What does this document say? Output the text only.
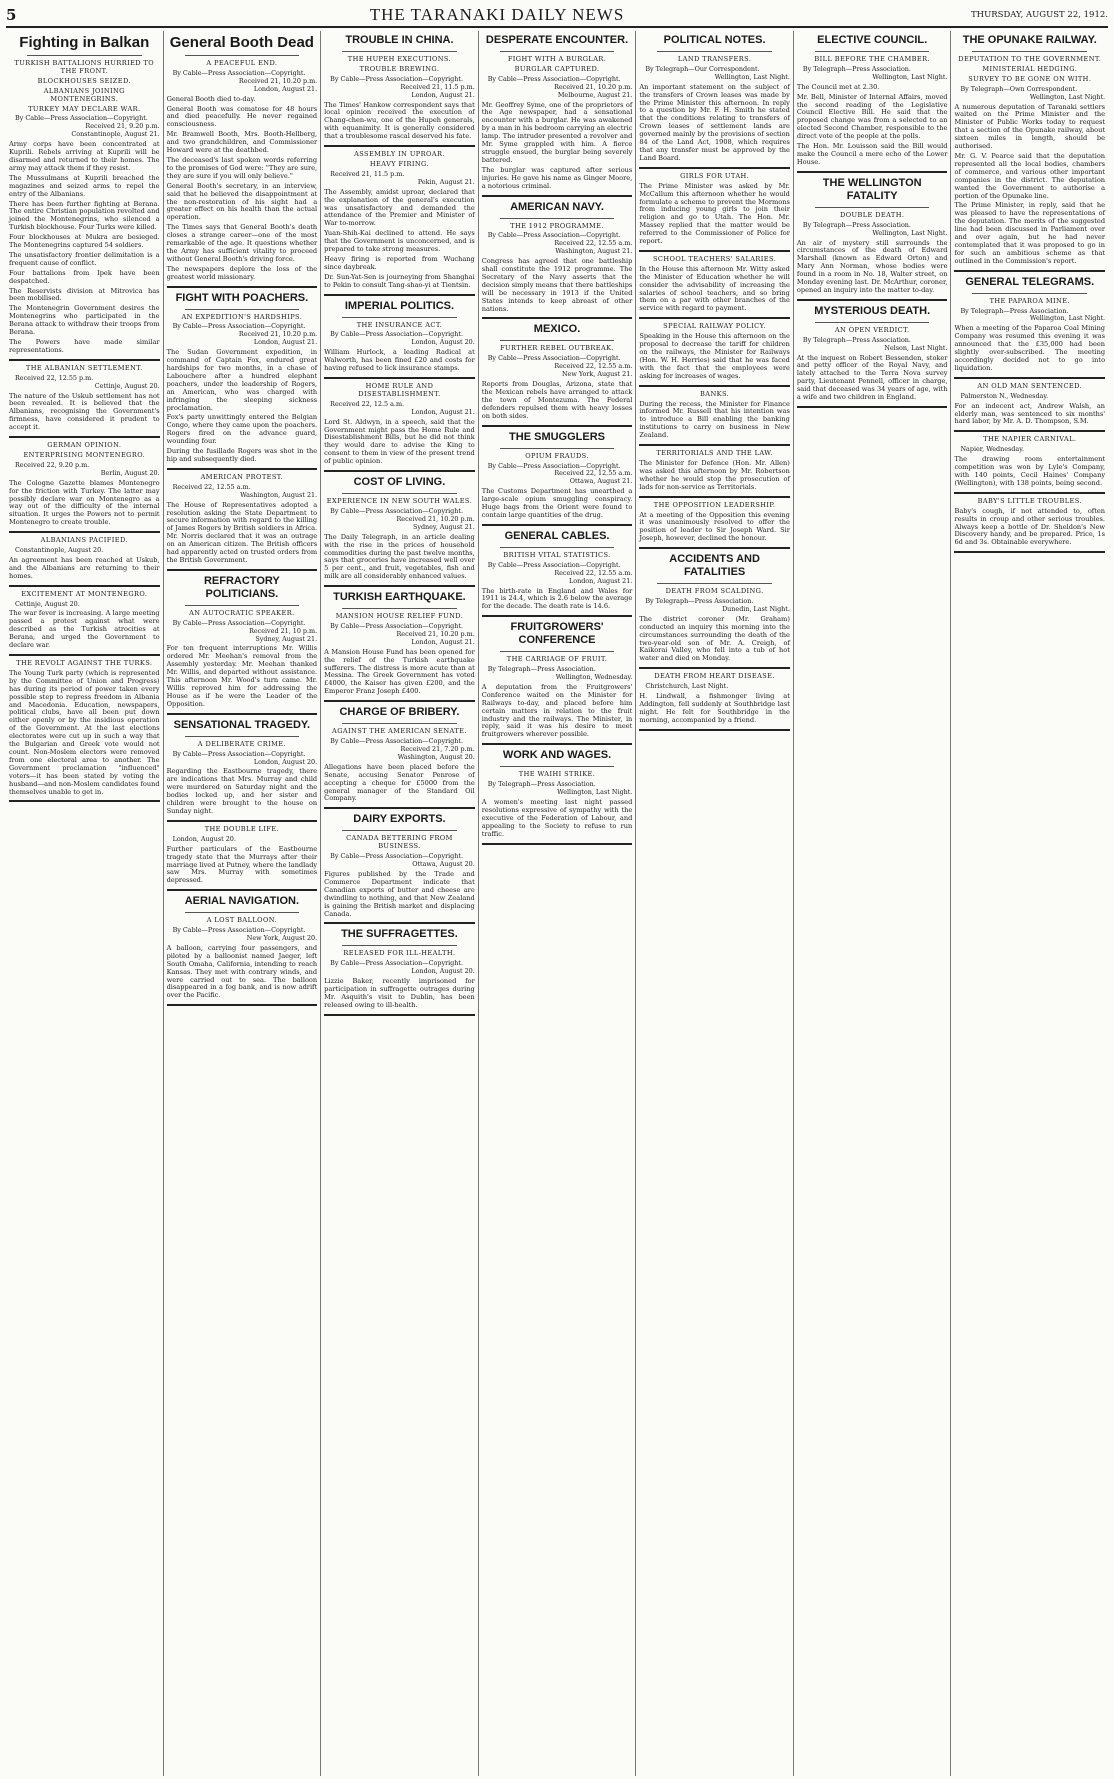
5	THE TARANAKI DAILY NEWS	THURSDAY, AUGUST 22, 1912.
Fighting in Balkan
TURKISH BATTALIONS HURRIED TO THE FRONT.
BLOCKHOUSES SEIZED.
ALBANIANS JOINING MONTENEGRINS.
TURKEY MAY DECLARE WAR.
By Cable—Press Association—Copyright.
Received 21, 9.20 p.m.
Constantinople, August 21.

Army corps have been concentrated at Kuprili. Rebels arriving at Kuprili will be disarmed and returned to their homes. The army may attack them if they resist.

The Mussulmans at Kuprili breached the magazines and seized arms to repel the entry of the Albanians.

There has been further fighting at Berana. The entire Christian population revolted and joined the Montenegrins, who silenced a Turkish blockhouse. Four Turks were killed.

Four blockhouses at Mukra are besieged. The Montenegrins captured 54 soldiers.

The unsatisfactory frontier delimitation is a frequent cause of conflict.

Four battalions from Ipek have been despatched.

The Reservists division at Mitrovica has been mobilised.

The Montenegrin Government desires the Montenegrins who participated in the Berana attack to withdraw their troops from Berana.

The Powers have made similar representations.

THE ALBANIAN SETTLEMENT.
Received 22, 12.55 p.m.
Cettinje, August 20.

The nature of the Uskub settlement has not been revealed. It is believed that the Albanians, recognising the Government's firmness, have considered it prudent to accept it.

GERMAN OPINION.
ENTERPRISING MONTENEGRO.
Received 22, 9.20 p.m.
Berlin, August 20.

The Cologne Gazette blames Montenegro for the friction with Turkey. The latter may possibly declare war on Montenegro as a way out of the difficulty of the internal situation. It urges the Powers not to permit Montenegro to create trouble.

ALBANIANS PACIFIED.
Constantinople, August 20.

An agreement has been reached at Uskub, and the Albanians are returning to their homes.

EXCITEMENT AT MONTENEGRO.
Cettinje, August 20.

The war fever is increasing. A large meeting passed a protest against what were described as the Turkish atrocities at Berana, and urged the Government to declare war.

THE REVOLT AGAINST THE TURKS.

The Young Turk party (which is represented by the Committee of Union and Progress) has during its period of power taken every possible step to repress freedom in Albania and Macedonia. Education, newspapers, political clubs, have all been put down either openly or by the insidious operation of the Government. At the last elections electorates were cut up in such a way that the Bulgarian and Greek vote would not count. Non-Moslem electors were removed from one electoral area to another. The Government proclamation "influenced" voters—it has been stated by voting the husband—and non-Moslem candidates found themselves unable to get in.

General Booth Dead
A PEACEFUL END.
By Cable—Press Association—Copyright.
Received 21, 10.20 p.m.
London, August 21.

General Booth died to-day.

General Booth was comatose for 48 hours and died peacefully. He never regained consciousness.

Mr. Bramwell Booth, Mrs. Booth-Hellberg, and two grandchildren, and Commissioner Howard were at the deathbed.

The deceased's last spoken words referring to the promises of God were: "They are sure, they are sure if you will only believe."

General Booth's secretary, in an interview, said that he believed the disappointment at the non-restoration of his sight had a greater effect on his health than the actual operation.

The Times says that General Booth's death closes a strange career—one of the most remarkable of the age. It questions whether the Army has sufficient vitality to proceed without General Booth's driving force.

The newspapers deplore the loss of the greatest world missionary.

FIGHT WITH POACHERS.
AN EXPEDITION'S HARDSHIPS.
By Cable—Press Association—Copyright.
Received 21, 10.20 p.m.
London, August 21.

The Sudan Government expedition, in command of Captain Fox, endured great hardships for two months, in a chase of Labouchere after a hundred elephant poachers, under the leadership of Rogers, an American, who was charged with infringing the sleeping sickness proclamation.

Fox's party unwittingly entered the Belgian Congo, where they came upon the poachers. Rogers fired on the advance guard, wounding four.

During the fusillade Rogers was shot in the hip and subsequently died.

AMERICAN PROTEST.
Received 22, 12.55 a.m.
Washington, August 21.

The House of Representatives adopted a resolution asking the State Department to secure information with regard to the killing of James Rogers by British soldiers in Africa. Mr. Norris declared that it was an outrage on an American citizen. The British officers had apparently acted on trusted orders from the British Government.

REFRACTORY POLITICIANS.
AN AUTOCRATIC SPEAKER.
By Cable—Press Association—Copyright.
Received 21, 10 p.m.
Sydney, August 21.

For ten frequent interruptions Mr. Willis ordered Mr. Meehan's removal from the Assembly yesterday. Mr. Meehan thanked Mr. Willis, and departed without assistance. This afternoon Mr. Wood's turn came. Mr. Willis reproved him for addressing the House as if he were the Leader of the Opposition.

SENSATIONAL TRAGEDY.
A DELIBERATE CRIME.
By Cable—Press Association—Copyright.
London, August 20.

Regarding the Eastbourne tragedy, there are indications that Mrs. Murray and child were murdered on Saturday night and the bodies locked up, and her sister and children were brought to the house on Sunday night.

THE DOUBLE LIFE.
London, August 20.

Further particulars of the Eastbourne tragedy state that the Murrays after their marriage lived at Putney, where the landlady saw Mrs. Murray with sometimes depressed.

AERIAL NAVIGATION.
A LOST BALLOON.
By Cable—Press Association—Copyright.
New York, August 20.

A balloon, carrying four passengers, and piloted by a balloonist named Jaeger, left South Omaha, California, intending to reach Kansas. They met with contrary winds, and were carried out to sea. The balloon disappeared in a fog bank, and is now adrift over the Pacific.

TROUBLE IN CHINA.
THE HUPEH EXECUTIONS.
TROUBLE BREWING.
By Cable—Press Association—Copyright.
Received 21, 11.5 p.m.
London, August 21.

The Times' Hankow correspondent says that local opinion received the execution of Chang-chen-wu, one of the Hupeh generals, with equanimity. It is generally considered that a troublesome rascal deserved his fate.

ASSEMBLY IN UPROAR.
HEAVY FIRING.
Received 21, 11.5 p.m.
Pekin, August 21.

The Assembly, amidst uproar, declared that the explanation of the general's execution was unsatisfactory and demanded the attendance of the Premier and Minister of War to-morrow.

Yuan-Shih-Kai declined to attend. He says that the Government is unconcerned, and is prepared to take strong measures.

Heavy firing is reported from Wuchang since daybreak.

Dr. Sun-Yat-Sen is journeying from Shanghai to Pekin to consult Tang-shao-yi at Tientsin.

IMPERIAL POLITICS.
THE INSURANCE ACT.
By Cable—Press Association—Copyright.
London, August 20.

William Hurlock, a leading Radical at Walworth, has been fined £20 and costs for having refused to lick insurance stamps.

HOME RULE AND DISESTABLISHMENT.
Received 22, 12.5 a.m.
London, August 21.

Lord St. Aldwyn, in a speech, said that the Government might pass the Home Rule and Disestablishment Bills, but he did not think they would dare to advise the King to consent to them in view of the present trend of public opinion.

COST OF LIVING.
EXPERIENCE IN NEW SOUTH WALES.
By Cable—Press Association—Copyright.
Received 21, 10.20 p.m.
Sydney, August 21.

The Daily Telegraph, in an article dealing with the rise in the prices of household commodities during the past twelve months, says that groceries have increased well over 5 per cent., and fruit, vegetables, fish and milk are all considerably enhanced values.

TURKISH EARTHQUAKE.
MANSION HOUSE RELIEF FUND.
By Cable—Press Association—Copyright.
Received 21, 10.20 p.m.
London, August 21.

A Mansion House Fund has been opened for the relief of the Turkish earthquake sufferers. The distress is more acute than at Messina. The Greek Government has voted £4000, the Kaiser has given £200, and the Emperor Franz Joseph £400.

CHARGE OF BRIBERY.
AGAINST THE AMERICAN SENATE.
By Cable—Press Association—Copyright.
Received 21, 7.20 p.m.
Washington, August 20.

Allegations have been placed before the Senate, accusing Senator Penrose of accepting a cheque for £5000 from the general manager of the Standard Oil Company.

DAIRY EXPORTS.
CANADA BETTERING FROM BUSINESS.
By Cable—Press Association—Copyright.
Ottawa, August 20.

Figures published by the Trade and Commerce Department indicate that Canadian exports of butter and cheese are dwindling to nothing, and that New Zealand is gaining the British market and displacing Canada.

THE SUFFRAGETTES.
RELEASED FOR ILL-HEALTH.
By Cable—Press Association—Copyright.
London, August 20.

Lizzie Baker, recently imprisoned for participation in suffragette outrages during Mr. Asquith's visit to Dublin, has been released owing to ill-health.

DESPERATE ENCOUNTER.
FIGHT WITH A BURGLAR.
BURGLAR CAPTURED.
By Cable—Press Association—Copyright.
Received 21, 10.20 p.m.
Melbourne, August 21.

Mr. Geoffrey Syme, one of the proprietors of the Age newspaper, had a sensational encounter with a burglar. He was awakened by a man in his bedroom carrying an electric lamp. The intruder presented a revolver and Mr. Syme grappled with him. A fierce struggle ensued, the burglar being severely battered.

The burglar was captured after serious injuries. He gave his name as Ginger Moore, a notorious criminal.

AMERICAN NAVY.
THE 1912 PROGRAMME.
By Cable—Press Association—Copyright.
Received 22, 12.55 a.m.
Washington, August 21.

Congress has agreed that one battleship shall constitute the 1912 programme. The Secretary of the Navy asserts that the decision simply means that there battleships will be necessary in 1913 if the United States intends to keep abreast of other nations.

MEXICO.
FURTHER REBEL OUTBREAK.
By Cable—Press Association—Copyright.
Received 22, 12.55 a.m.
New York, August 21.

Reports from Douglas, Arizona, state that the Mexican rebels have arranged to attack the town of Montezuma. The Federal defenders repulsed them with heavy losses on both sides.

THE SMUGGLERS
OPIUM FRAUDS.
By Cable—Press Association—Copyright.
Received 22, 12.55 a.m.
Ottawa, August 21.

The Customs Department has unearthed a large-scale opium smuggling conspiracy. Huge bags from the Orient were found to contain large quantities of the drug.

GENERAL CABLES.
BRITISH VITAL STATISTICS.
By Cable—Press Association—Copyright.
Received 22, 12.55 a.m.
London, August 21.

The birth-rate in England and Wales for 1911 is 24.4, which is 2.6 below the average for the decade. The death rate is 14.6.

FRUITGROWERS' CONFERENCE
THE CARRIAGE OF FRUIT.
By Telegraph—Press Association.
Wellington, Wednesday.

A deputation from the Fruitgrowers' Conference waited on the Minister for Railways to-day, and placed before him certain matters in relation to the fruit industry and the railways. The Minister, in reply, said it was his desire to meet fruitgrowers wherever possible.

WORK AND WAGES.
THE WAIHI STRIKE.
By Telegraph—Press Association.
Wellington, Last Night.

A women's meeting last night passed resolutions expressive of sympathy with the executive of the Federation of Labour, and appealing to the Society to refuse to run traffic.

POLITICAL NOTES.
LAND TRANSFERS.
By Telegraph—Our Correspondent.
Wellington, Last Night.

An important statement on the subject of the transfers of Crown leases was made by the Prime Minister this afternoon. In reply to a question by Mr. F. H. Smith he stated that the conditions relating to transfers of Crown leases of settlement lands are governed mainly by the provisions of section 84 of the Land Act, 1908, which requires that any transfer must be approved by the Land Board.

GIRLS FOR UTAH.

The Prime Minister was asked by Mr. McCallum this afternoon whether he would formulate a scheme to prevent the Mormons from inducing young girls to join their religion and go to Utah. The Hon. Mr. Massey replied that the matter would be referred to the Commissioner of Police for report.

SCHOOL TEACHERS' SALARIES.

In the House this afternoon Mr. Witty asked the Minister of Education whether he will consider the advisability of increasing the salaries of school teachers, and so bring them on a par with other branches of the service with regard to payment.

SPECIAL RAILWAY POLICY.

Speaking in the House this afternoon on the proposal to decrease the tariff for children on the railways, the Minister for Railways (Hon. W. H. Herries) said that he was faced with the fact that the employees were asking for increases of wages.

BANKS.

During the recess, the Minister for Finance informed Mr. Russell that his intention was to introduce a Bill enabling the banking institutions to carry on business in New Zealand.

TERRITORIALS AND THE LAW.

The Minister for Defence (Hon. Mr. Allen) was asked this afternoon by Mr. Robertson whether he would stop the prosecution of lads for non-service as Territorials.

THE OPPOSITION LEADERSHIP.

At a meeting of the Opposition this evening it was unanimously resolved to offer the position of leader to Sir Joseph Ward. Sir Joseph, however, declined the honour.

ACCIDENTS AND FATALITIES
DEATH FROM SCALDING.
By Telegraph—Press Association.
Dunedin, Last Night.

The district coroner (Mr. Graham) conducted an inquiry this morning into the circumstances surrounding the death of the two-year-old son of Mr. A. Creigh, of Kaikorai Valley, who fell into a tub of hot water and died on Monday.

DEATH FROM HEART DISEASE.
Christchurch, Last Night.

H. Lindwall, a fishmonger living at Addington, fell suddenly at Southbridge last night. He felt for Southbridge in the morning, accompanied by a friend.

ELECTIVE COUNCIL.
BILL BEFORE THE CHAMBER.
By Telegraph—Press Association.
Wellington, Last Night.

The Council met at 2.30.

Mr. Bell, Minister of Internal Affairs, moved the second reading of the Legislative Council Elective Bill. He said that the proposed change was from a selected to an elected Second Chamber, responsible to the direct vote of the people at the polls.

The Hon. Mr. Louisson said the Bill would make the Council a mere echo of the Lower House.

THE WELLINGTON FATALITY
DOUBLE DEATH.
By Telegraph—Press Association.
Wellington, Last Night.

An air of mystery still surrounds the circumstances of the death of Edward Marshall (known as Edward Orton) and Mary Ann Norman, whose bodies were found in a room in No. 18, Walter street, on Monday evening last. Dr. McArthur, coroner, opened an inquiry into the matter to-day.

MYSTERIOUS DEATH.
AN OPEN VERDICT.
By Telegraph—Press Association.
Nelson, Last Night.

At the inquest on Robert Bessenden, stoker and petty officer of the Royal Navy, and lately attached to the Terra Nova survey party, Lieutenant Pennell, officer in charge, said that deceased was 34 years of age, with a wife and two children in England.

THE OPUNAKE RAILWAY.
DEPUTATION TO THE GOVERNMENT.
MINISTERIAL HEDGING.
SURVEY TO BE GONE ON WITH.
By Telegraph—Own Correspondent.
Wellington, Last Night.

A numerous deputation of Taranaki settlers waited on the Prime Minister and the Minister of Public Works today to request that a section of the Opunake railway, about sixteen miles in length, should be authorised.

Mr. G. V. Pearce said that the deputation represented all the local bodies, chambers of commerce, and various other important companies in the district. The deputation wanted the Government to authorise a portion of the Opunake line.

The Prime Minister, in reply, said that he was pleased to have the representations of the deputation. The merits of the suggested line had been discussed in Parliament over and over again, but he had never contemplated that it was proposed to go in for such an ambitious scheme as that outlined in the Commission's report.

GENERAL TELEGRAMS.
THE PAPAROA MINE.
By Telegraph—Press Association.
Wellington, Last Night.

When a meeting of the Paparoa Coal Mining Company was resumed this evening it was announced that the £35,000 had been slightly over-subscribed. The meeting accordingly decided not to go into liquidation.

AN OLD MAN SENTENCED.
Palmerston N., Wednesday.

For an indecent act, Andrew Walsh, an elderly man, was sentenced to six months' hard labor, by Mr. A. D. Thompson, S.M.

THE NAPIER CARNIVAL.
Napier, Wednesday.

The drawing room entertainment competition was won by Lyle's Company, with 140 points, Cecil Haines' Company (Wellington), with 138 points, being second.

BABY'S LITTLE TROUBLES.

Baby's cough, if not attended to, often results in croup and other serious troubles. Always keep a bottle of Dr. Sheldon's New Discovery handy, and be prepared. Price, 1s 6d and 3s. Obtainable everywhere.
